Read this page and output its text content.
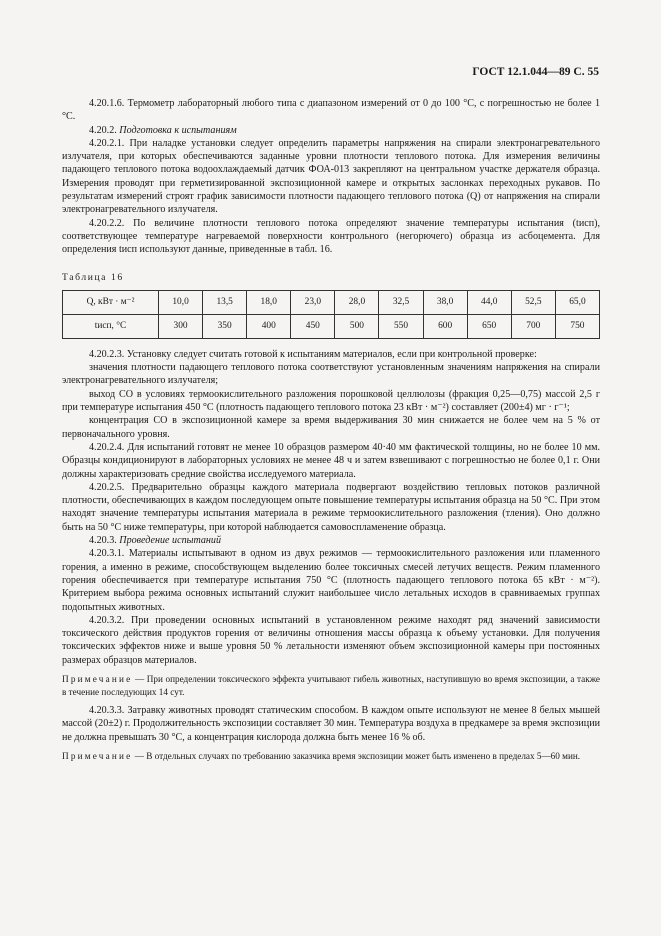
ГОСТ 12.1.044—89 С. 55

4.20.1.6. Термометр лабораторный любого типа с диапазоном измерений от 0 до 100 °С, с погрешностью не более 1 °С.

4.20.2. Подготовка к испытаниям

4.20.2.1. При наладке установки следует определить параметры напряжения на спирали электронагревательного излучателя, при которых обеспечиваются заданные уровни плотности теплового потока. Для измерения величины падающего теплового потока водоохлаждаемый датчик ФОА-013 закрепляют на центральном участке держателя образца. Измерения проводят при герметизированной экспозиционной камере и открытых заслонках переходных рукавов. По результатам измерений строят график зависимости плотности падающего теплового потока (Q) от напряжения на спирали электронагревательного излучателя.

4.20.2.2. По величине плотности теплового потока определяют значение температуры испытания (tисп), соответствующее температуре нагреваемой поверхности контрольного (негорючего) образца из асбоцемента. Для определения tисп используют данные, приведенные в табл. 16.

Таблица 16
Q, кВт · м⁻²	10,0	13,5	18,0	23,0	28,0	32,5	38,0	44,0	52,5	65,0
tисп, °С	300	350	400	450	500	550	600	650	700	750

4.20.2.3. Установку следует считать готовой к испытаниям материалов, если при контрольной проверке:

значения плотности падающего теплового потока соответствуют установленным значениям напряжения на спирали электронагревательного излучателя;

выход СО в условиях термоокислительного разложения порошковой целлюлозы (фракция 0,25—0,75) массой 2,5 г при температуре испытания 450 °С (плотность падающего теплового потока 23 кВт · м⁻²) составляет (200±4) мг · г⁻¹;

концентрация СО в экспозиционной камере за время выдерживания 30 мин снижается не более чем на 5 % от первоначального уровня.

4.20.2.4. Для испытаний готовят не менее 10 образцов размером 40·40 мм фактической толщины, но не более 10 мм. Образцы кондиционируют в лабораторных условиях не менее 48 ч и затем взвешивают с погрешностью не более 0,1 г. Они должны характеризовать средние свойства исследуемого материала.

4.20.2.5. Предварительно образцы каждого материала подвергают воздействию тепловых потоков различной плотности, обеспечивающих в каждом последующем опыте повышение температуры испытания образца на 50 °С. При этом находят значение температуры испытания материала в режиме термоокислительного разложения (тления). Оно должно быть на 50 °С ниже температуры, при которой наблюдается самовоспламенение образца.

4.20.3. Проведение испытаний

4.20.3.1. Материалы испытывают в одном из двух режимов — термоокислительного разложения или пламенного горения, а именно в режиме, способствующем выделению более токсичных смесей летучих веществ. Режим пламенного горения обеспечивается при температуре испытания 750 °С (плотность падающего теплового потока 65 кВт · м⁻²). Критерием выбора режима основных испытаний служит наибольшее число летальных исходов в сравниваемых группах подопытных животных.

4.20.3.2. При проведении основных испытаний в установленном режиме находят ряд значений зависимости токсического действия продуктов горения от величины отношения массы образца к объему установки. Для получения токсических эффектов ниже и выше уровня 50 % летальности изменяют объем экспозиционной камеры при постоянных размерах образцов материалов.

Примечание — При определении токсического эффекта учитывают гибель животных, наступившую во время экспозиции, а также в течение последующих 14 сут.

4.20.3.3. Затравку животных проводят статическим способом. В каждом опыте используют не менее 8 белых мышей массой (20±2) г. Продолжительность экспозиции составляет 30 мин. Температура воздуха в предкамере за время экспозиции не должна превышать 30 °С, а концентрация кислорода должна быть менее 16 % об.

Примечание — В отдельных случаях по требованию заказчика время экспозиции может быть изменено в пределах 5—60 мин.
